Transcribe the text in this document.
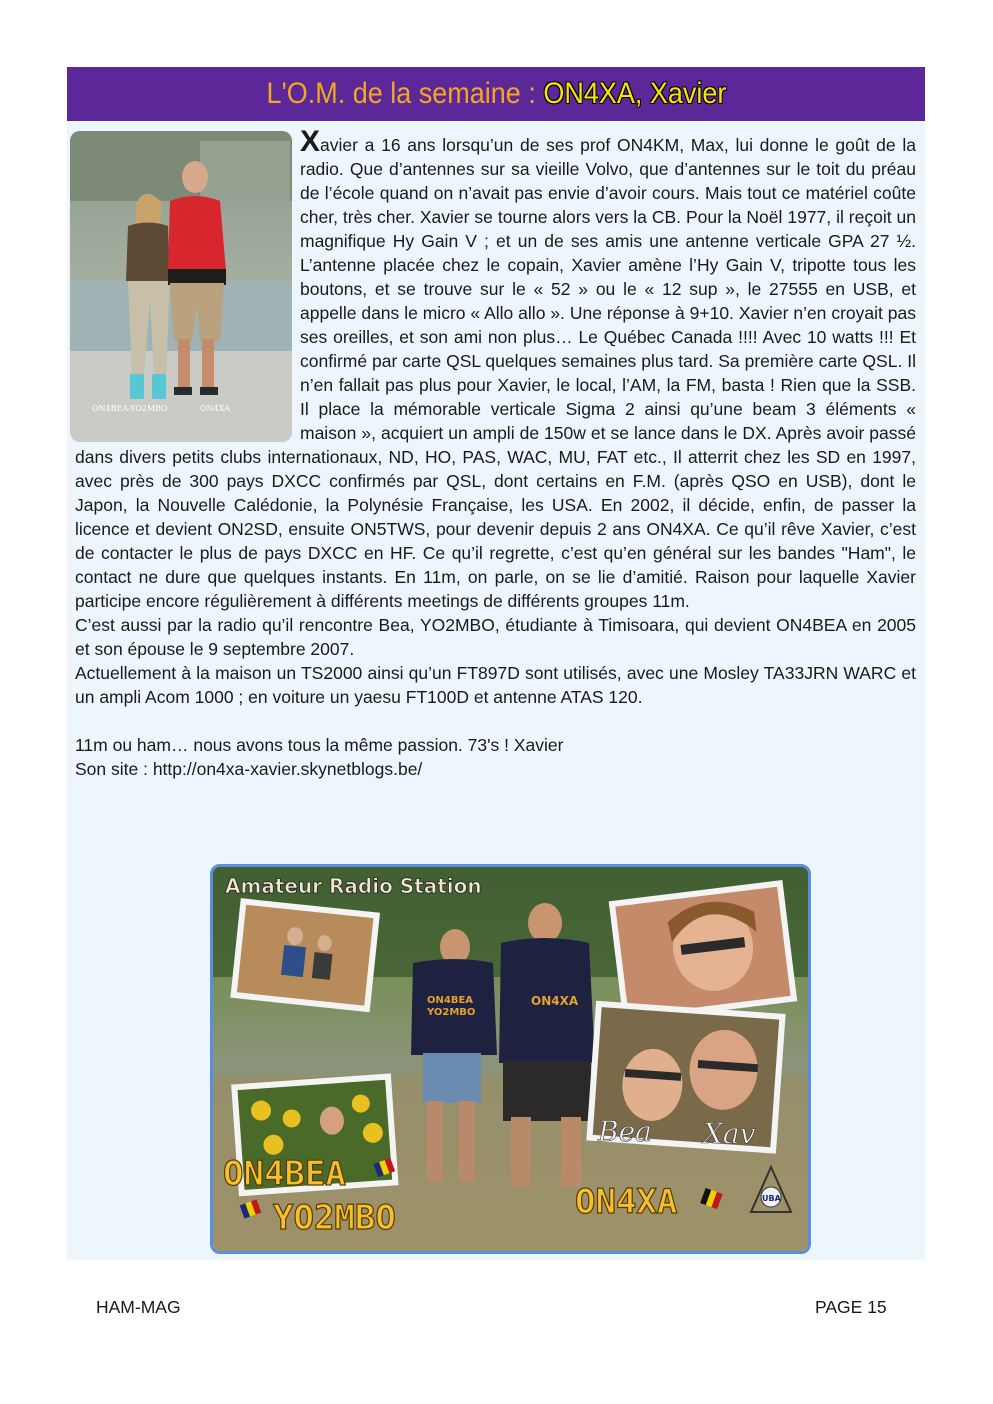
L'O.M. de la semaine : ON4XA, Xavier
ON4BEA-YO2MBO	ON4XA

Xavier a 16 ans lorsqu’un de ses prof ON4KM, Max, lui donne le goût de la radio. Que d’antennes sur sa vieille Volvo, que d’antennes sur le toit du préau de l’école quand on n’avait pas envie d’avoir cours. Mais tout ce matériel coûte cher, très cher. Xavier se tourne alors vers la CB. Pour la Noël 1977, il reçoit un magnifique Hy Gain V ; et un de ses amis une antenne verticale GPA 27 ½. L’antenne placée chez le copain, Xavier amène l’Hy Gain V, tripotte tous les boutons, et se trouve sur le « 52 » ou le « 12 sup », le 27555 en USB, et appelle dans le micro « Allo allo ». Une réponse à 9+10. Xavier n’en croyait pas ses oreilles, et son ami non plus… Le Québec Canada !!!! Avec 10 watts !!! Et confirmé par carte QSL quelques semaines plus tard. Sa première carte QSL. Il n’en fallait pas plus pour Xavier, le local, l’AM, la FM, basta ! Rien que la SSB. Il place la mémorable verticale Sigma 2 ainsi qu’une beam 3 éléments « maison », acquiert un ampli de 150w et se lance dans le DX. Après avoir passé dans divers petits clubs internationaux, ND, HO, PAS, WAC, MU, FAT etc., Il atterrit chez les SD en 1997, avec près de 300 pays DXCC confirmés par QSL, dont certains en F.M. (après QSO en USB), dont le Japon, la Nouvelle Calédonie, la Polynésie Française, les USA. En 2002, il décide, enfin, de passer la licence et devient ON2SD, ensuite ON5TWS, pour devenir depuis 2 ans ON4XA. Ce qu’il rêve Xavier, c’est de contacter le plus de pays DXCC en HF. Ce qu’il regrette, c’est qu’en général sur les bandes "Ham", le contact ne dure que quelques instants. En 11m, on parle, on se lie d’amitié. Raison pour laquelle Xavier participe encore régulièrement à différents meetings de différents groupes 11m.

C’est aussi par la radio qu’il rencontre Bea, YO2MBO, étudiante à Timisoara, qui devient ON4BEA en 2005 et son épouse le 9 septembre 2007.

Actuellement à la maison un TS2000 ainsi qu’un FT897D sont utilisés, avec une Mosley TA33JRN WARC et un ampli Acom 1000 ; en voiture un yaesu FT100D et antenne ATAS 120.

11m ou ham… nous avons tous la même passion. 73's ! Xavier

Son site : http://on4xa-xavier.skynetblogs.be/

Amateur Radio Station
ON4BEA
YO2MBO
ON4XA
Bea Xav
ON4BEA
YO2MBO	ON4XA	UBA
HAM-MAG	PAGE 15
